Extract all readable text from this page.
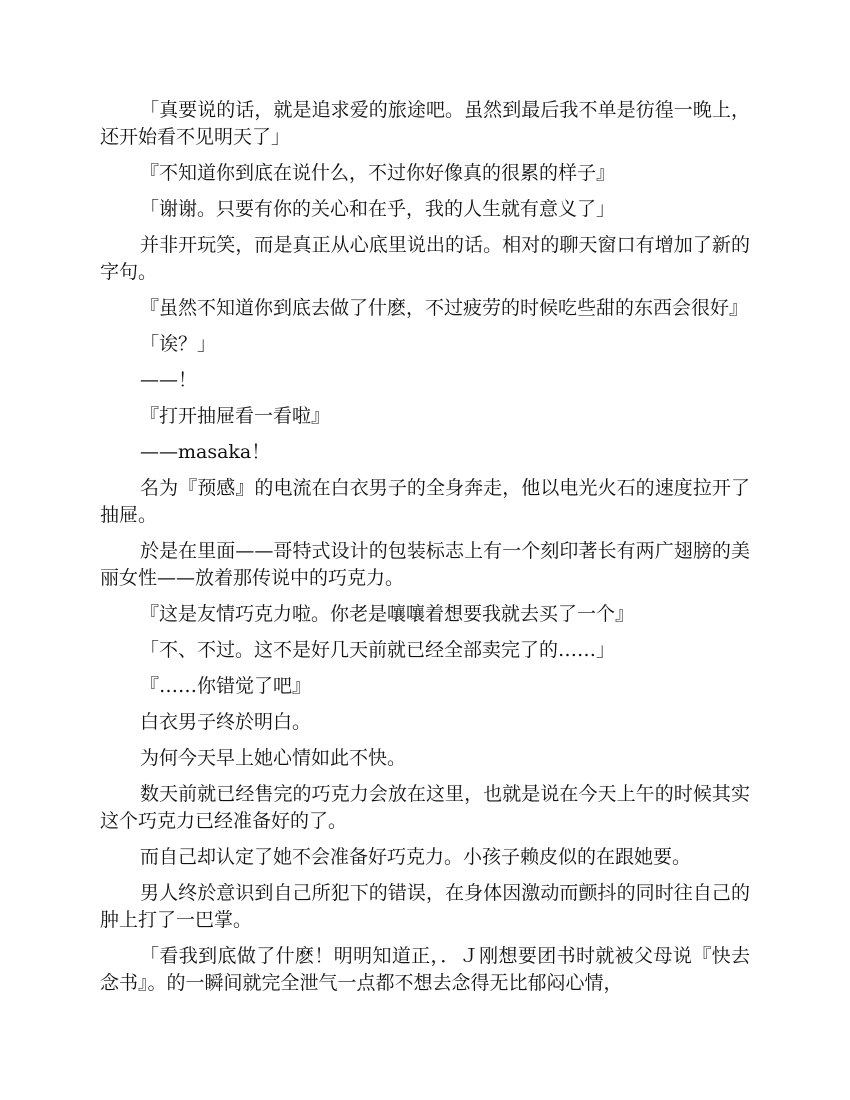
「真要说的话，就是追求爱的旅途吧。虽然到最后我不单是彷徨一晚上，还开始看不见明天了」

『不知道你到底在说什么，不过你好像真的很累的样子』

「谢谢。只要有你的关心和在乎，我的人生就有意义了」

并非开玩笑，而是真正从心底里说出的话。相对的聊天窗口有增加了新的字句。

『虽然不知道你到底去做了什麽，不过疲劳的时候吃些甜的东西会很好』

「诶？」

——！

『打开抽屉看一看啦』

——masaka！

名为『预感』的电流在白衣男子的全身奔走，他以电光火石的速度拉开了抽屉。

於是在里面——哥特式设计的包装标志上有一个刻印著长有两广翅膀的美丽女性——放着那传说中的巧克力。

『这是友情巧克力啦。你老是嚷嚷着想要我就去买了一个』

「不、不过。这不是好几天前就已经全部卖完了的……」

『……你错觉了吧』

白衣男子终於明白。

为何今天早上她心情如此不快。

数天前就已经售完的巧克力会放在这里，也就是说在今天上午的时候其实这个巧克力已经准备好的了。

而自己却认定了她不会准备好巧克力。小孩子赖皮似的在跟她要。

男人终於意识到自己所犯下的错误，在身体因激动而颤抖的同时往自己的肿上打了一巴掌。

「看我到底做了什麽！明明知道正，．Ｊ刚想要团书时就被父母说『快去念书』。的一瞬间就完全泄气一点都不想去念得无比郁闷心情，
